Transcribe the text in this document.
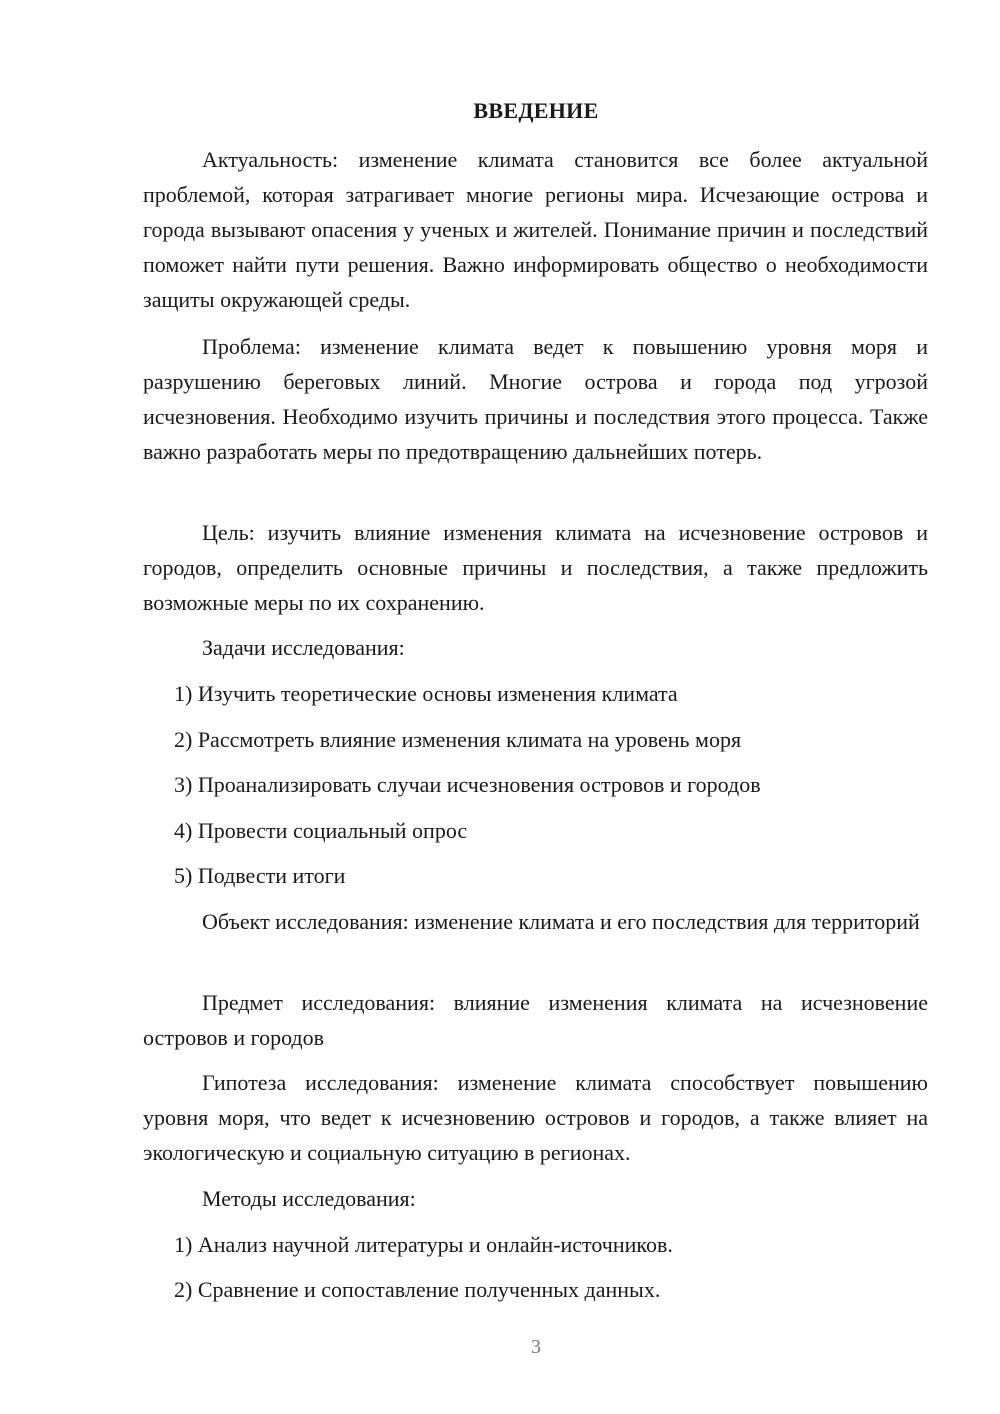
ВВЕДЕНИЕ

Актуальность: изменение климата становится все более актуальной проблемой, которая затрагивает многие регионы мира. Исчезающие острова и города вызывают опасения у ученых и жителей. Понимание причин и последствий поможет найти пути решения. Важно информировать общество о необходимости защиты окружающей среды.

Проблема: изменение климата ведет к повышению уровня моря и разрушению береговых линий. Многие острова и города под угрозой исчезновения. Необходимо изучить причины и последствия этого процесса. Также важно разработать меры по предотвращению дальнейших потерь.

Цель: изучить влияние изменения климата на исчезновение островов и городов, определить основные причины и последствия, а также предложить возможные меры по их сохранению.

Задачи исследования:

1) Изучить теоретические основы изменения климата

2) Рассмотреть влияние изменения климата на уровень моря

3) Проанализировать случаи исчезновения островов и городов

4) Провести социальный опрос

5) Подвести итоги

Объект исследования: изменение климата и его последствия для территорий

Предмет исследования: влияние изменения климата на исчезновение островов и городов

Гипотеза исследования: изменение климата способствует повышению уровня моря, что ведет к исчезновению островов и городов, а также влияет на экологическую и социальную ситуацию в регионах.

Методы исследования:

1) Анализ научной литературы и онлайн-источников.

2) Сравнение и сопоставление полученных данных.

3
